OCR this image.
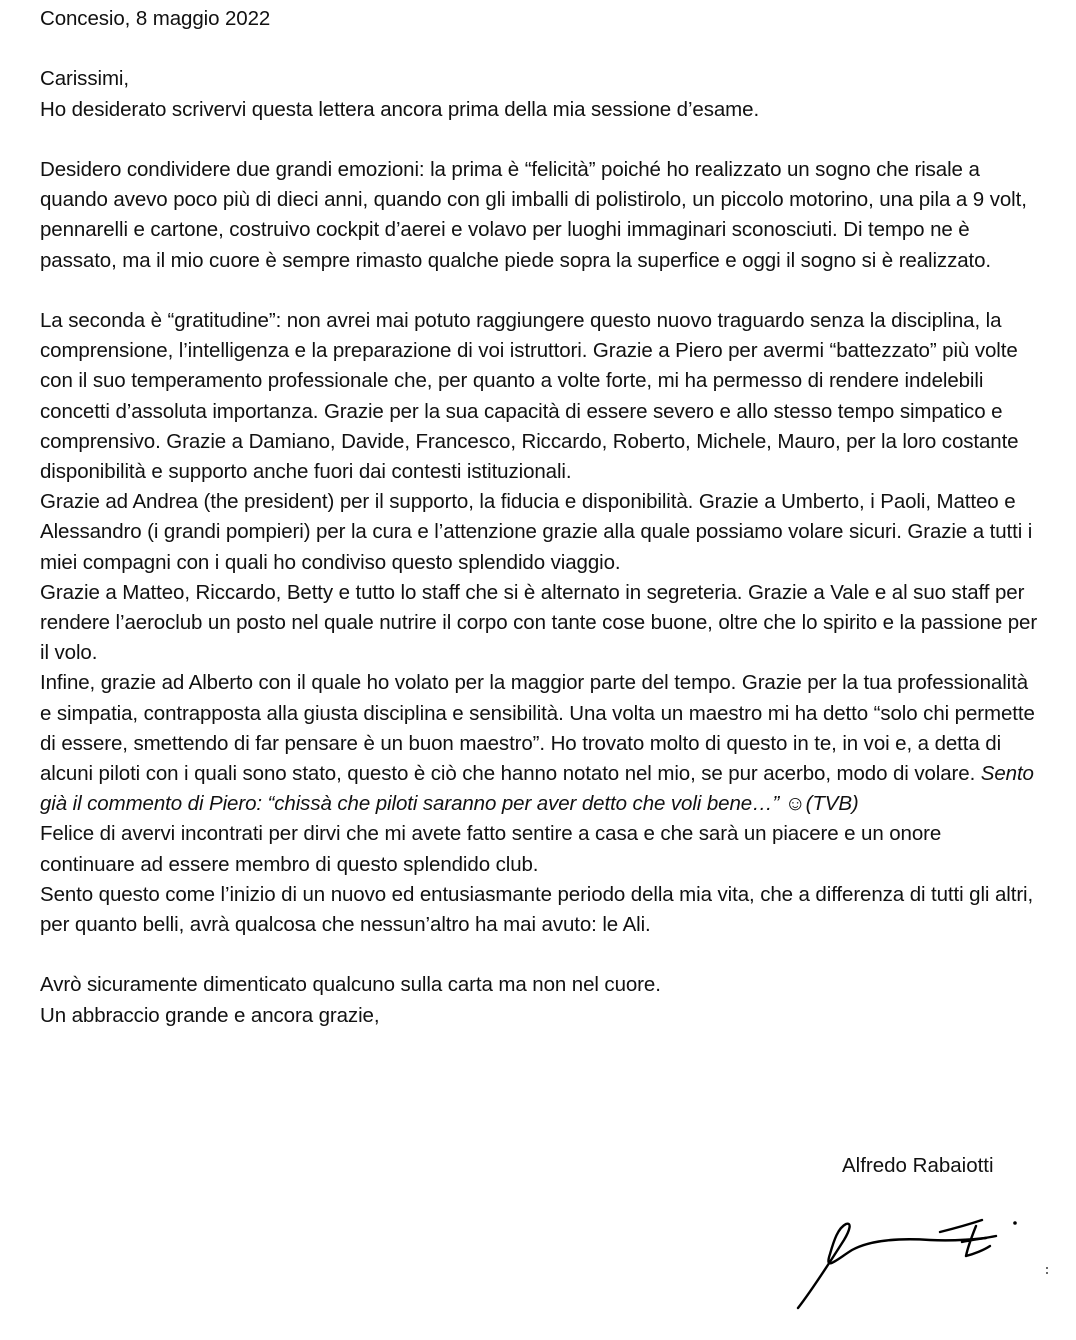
Concesio, 8 maggio 2022

Carissimi,

Ho desiderato scrivervi questa lettera ancora prima della mia sessione d’esame.

Desidero condividere due grandi emozioni: la prima è “felicità” poiché ho realizzato un sogno che risale a quando avevo poco più di dieci anni, quando con gli imballi di polistirolo, un piccolo motorino, una pila a 9 volt, pennarelli e cartone, costruivo cockpit d’aerei e volavo per luoghi immaginari sconosciuti. Di tempo ne è passato, ma il mio cuore è sempre rimasto qualche piede sopra la superfice e oggi il sogno si è realizzato.

La seconda è “gratitudine”: non avrei mai potuto raggiungere questo nuovo traguardo senza la disciplina, la comprensione, l’intelligenza e la preparazione di voi istruttori. Grazie a Piero per avermi “battezzato” più volte con il suo temperamento professionale che, per quanto a volte forte, mi ha permesso di rendere indelebili concetti d’assoluta importanza. Grazie per la sua capacità di essere severo e allo stesso tempo simpatico e comprensivo. Grazie a Damiano, Davide, Francesco, Riccardo, Roberto, Michele, Mauro, per la loro costante disponibilità e supporto anche fuori dai contesti istituzionali.

Grazie ad Andrea (the president) per il supporto, la fiducia e disponibilità. Grazie a Umberto, i Paoli, Matteo e Alessandro (i grandi pompieri) per la cura e l’attenzione grazie alla quale possiamo volare sicuri. Grazie a tutti i miei compagni con i quali ho condiviso questo splendido viaggio.

Grazie a Matteo, Riccardo, Betty e tutto lo staff che si è alternato in segreteria. Grazie a Vale e al suo staff per rendere l’aeroclub un posto nel quale nutrire il corpo con tante cose buone, oltre che lo spirito e la passione per il volo.

Infine, grazie ad Alberto con il quale ho volato per la maggior parte del tempo. Grazie per la tua professionalità e simpatia, contrapposta alla giusta disciplina e sensibilità. Una volta un maestro mi ha detto “solo chi permette di essere, smettendo di far pensare è un buon maestro”. Ho trovato molto di questo in te, in voi e, a detta di alcuni piloti con i quali sono stato, questo è ciò che hanno notato nel mio, se pur acerbo, modo di volare. Sento già il commento di Piero: “chissà che piloti saranno per aver detto che voli bene…” ☺(TVB)

Felice di avervi incontrati per dirvi che mi avete fatto sentire a casa e che sarà un piacere e un onore continuare ad essere membro di questo splendido club.

Sento questo come l’inizio di un nuovo ed entusiasmante periodo della mia vita, che a differenza di tutti gli altri, per quanto belli, avrà qualcosa che nessun’altro ha mai avuto: le Ali.

Avrò sicuramente dimenticato qualcuno sulla carta ma non nel cuore.

Un abbraccio grande e ancora grazie,

Alfredo Rabaiotti
